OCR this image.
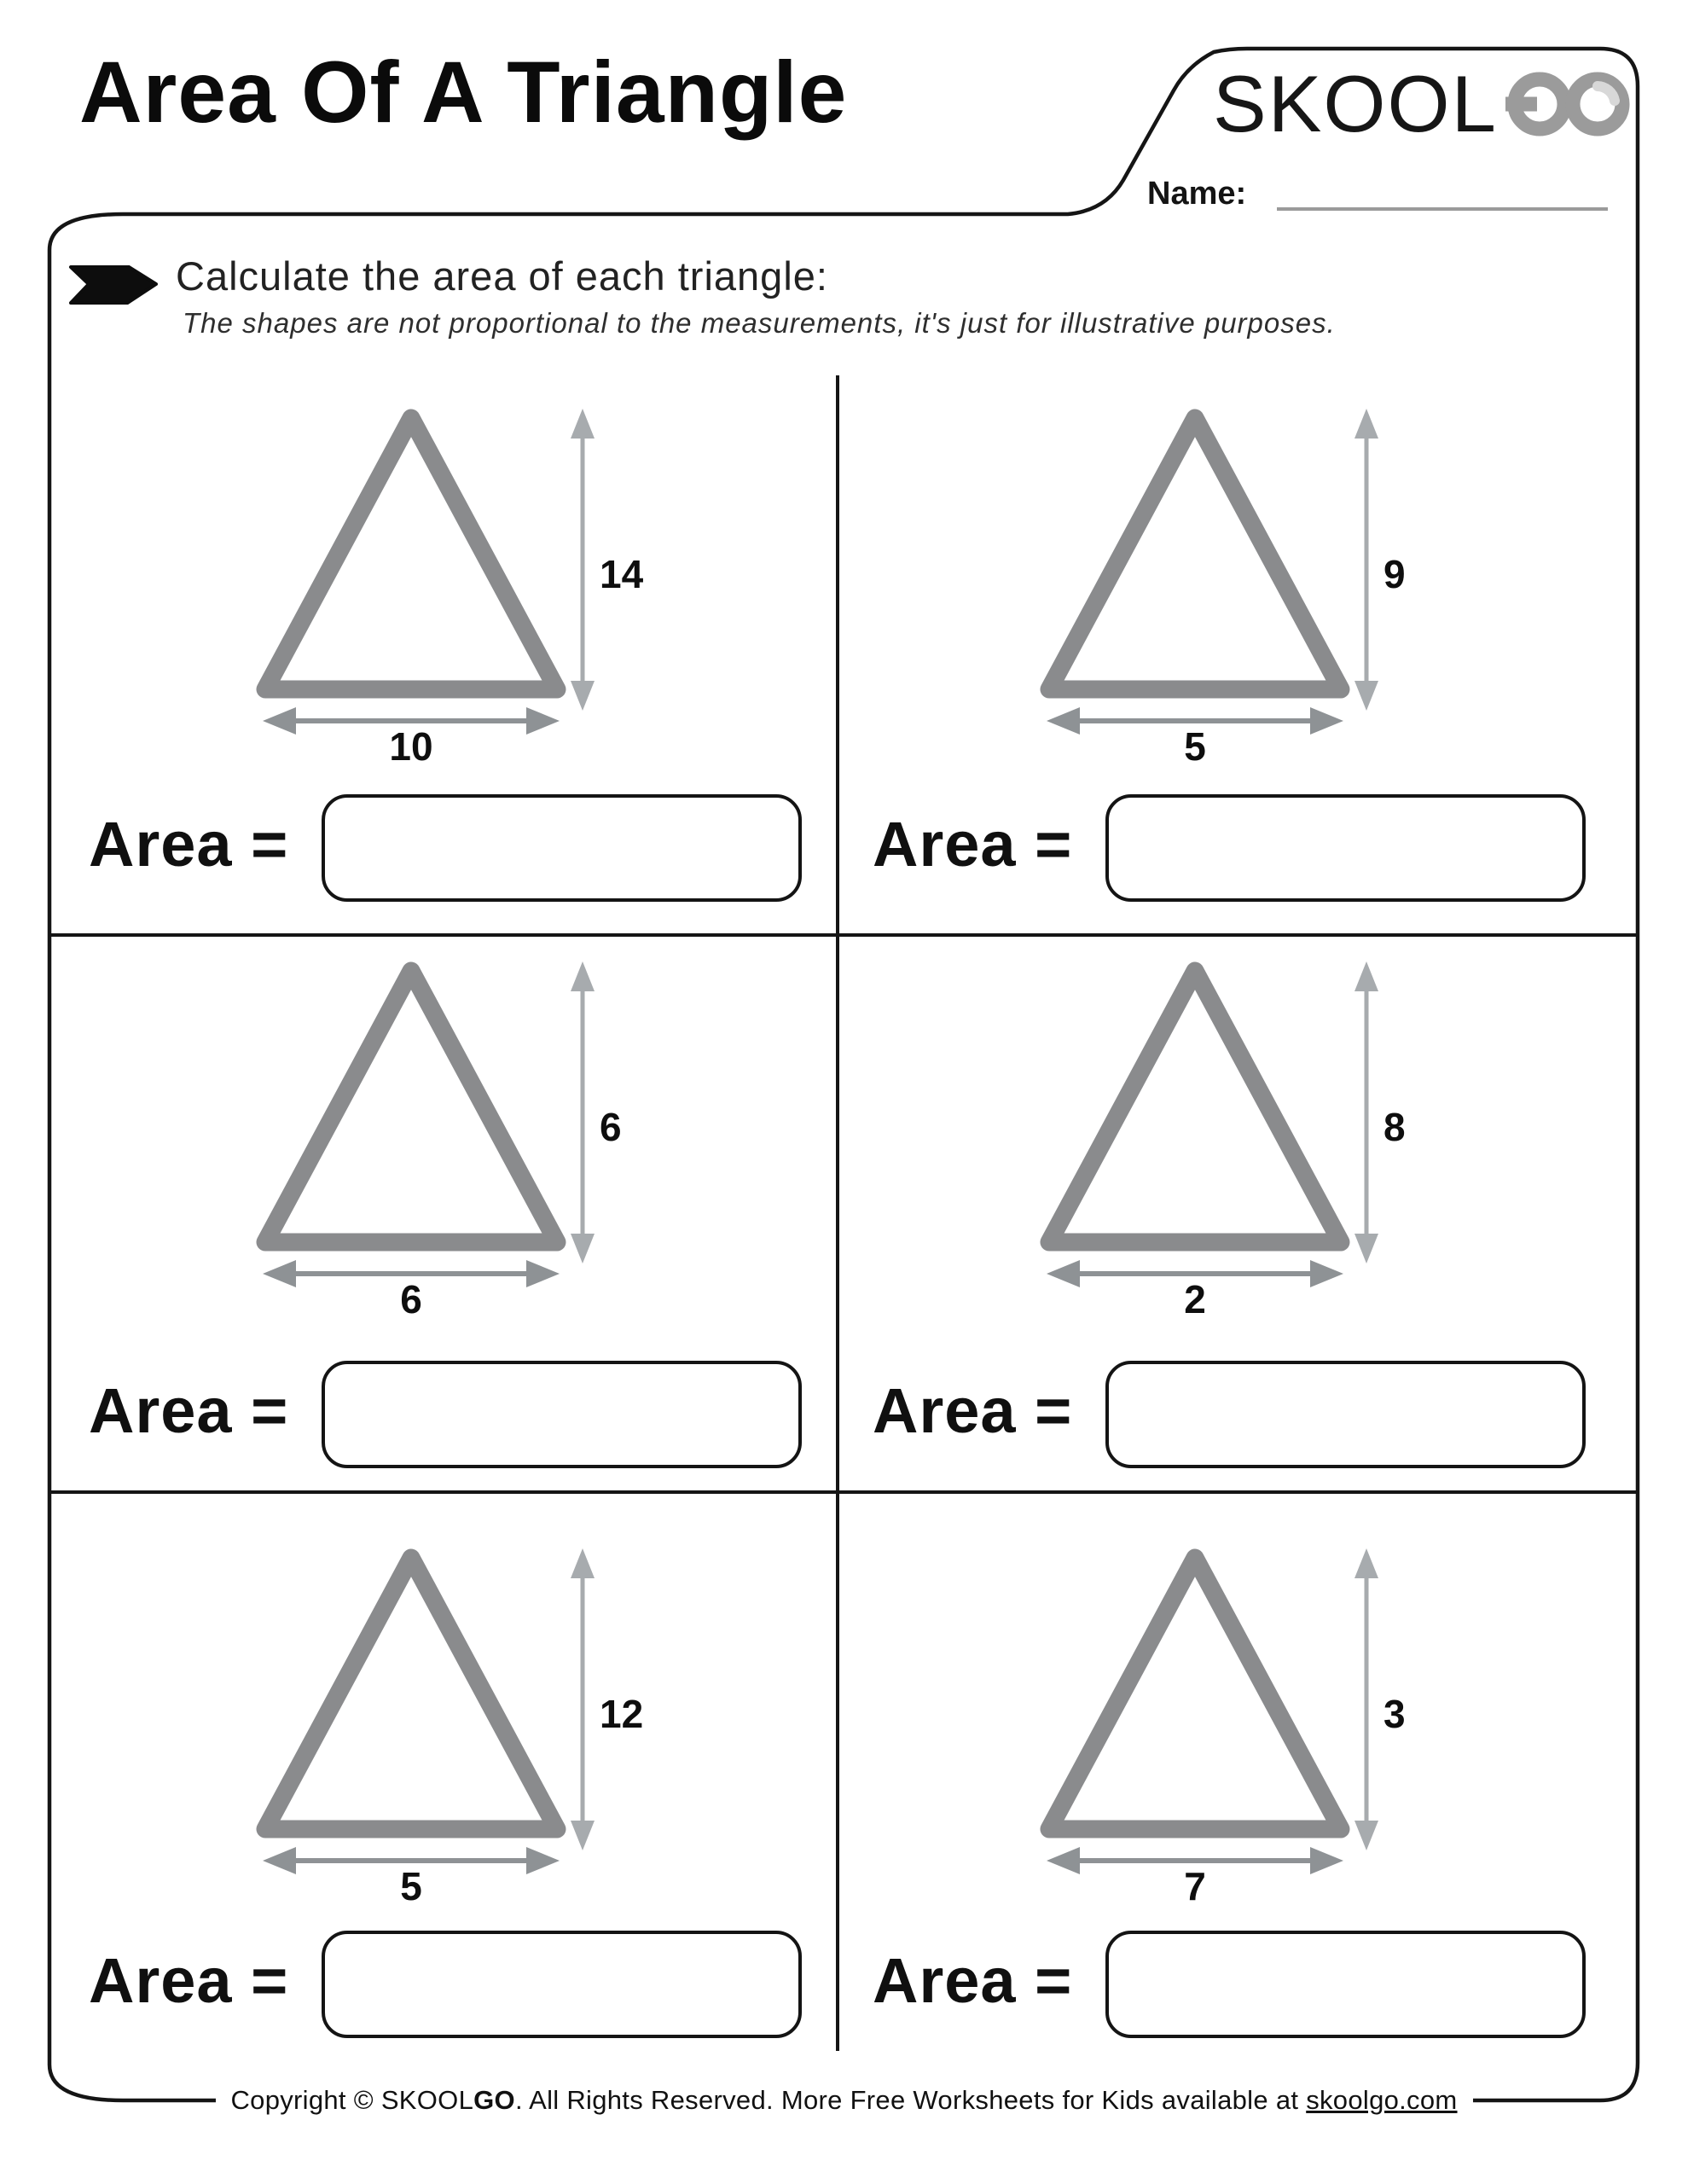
Area Of A Triangle	SKOOL
Name:
Calculate the area of each triangle:
The shapes are not proportional to the measurements, it's just for illustrative purposes.
14
10
9
5
6
6
8
2
12
5
3
7
Area =	Area =
Area =	Area =
Area =	Area =
Copyright © SKOOLGO. All Rights Reserved. More Free Worksheets for Kids available at skoolgo.com
